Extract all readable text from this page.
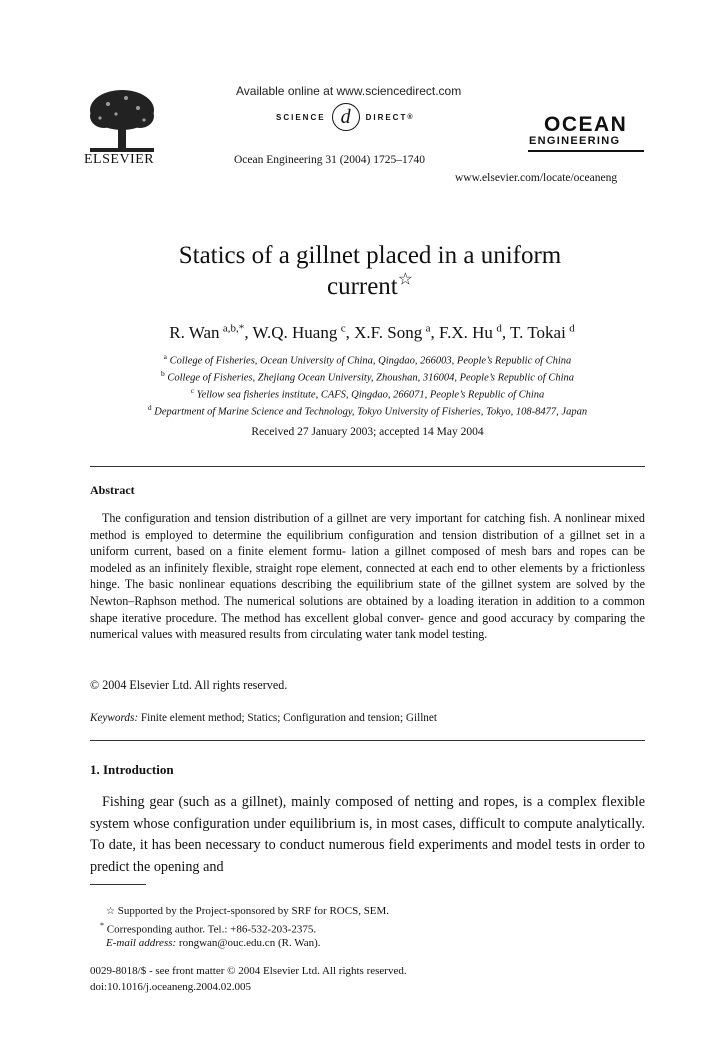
ELSEVIER
Available online at www.sciencedirect.com
SCIENCE d	DIRECT ®
Ocean Engineering 31 (2004) 1725–1740
OCEAN
ENGINEERING
www.elsevier.com/locate/oceaneng
Statics of a gillnet placed in a uniform
current☆
R. Wan  $^{a,b,*}$, W.Q. Huang  $^c$, X.F. Song  $^a$, F.X. Hu  $^d$, T. Tokai  $^d$
$^a$ College of Fisheries, Ocean University of China, Qingdao, 266003, People’s Republic of China
$^b$ College of Fisheries, Zhejiang Ocean University, Zhoushan, 316004, People’s Republic of China
$^c$ Yellow sea fisheries institute, CAFS, Qingdao, 266071, People’s Republic of China
$^d$ Department of Marine Science and Technology, Tokyo University of Fisheries, Tokyo, 108-8477, Japan
Received 27 January 2003; accepted 14 May 2004
Abstract

The configuration and tension distribution of a gillnet are very important for catching fish. A nonlinear mixed method is employed to determine the equilibrium configuration and tension distribution of a gillnet set in a uniform current, based on a finite element formu- lation a gillnet composed of mesh bars and ropes can be modeled as an infinitely flexible, straight rope element, connected at each end to other elements by a frictionless hinge. The basic nonlinear equations describing the equilibrium state of the gillnet system are solved by the Newton–Raphson method. The numerical solutions are obtained by a loading iteration in addition to a common shape iterative procedure. The method has excellent global conver- gence and good accuracy by comparing the numerical values with measured results from circulating water tank model testing.

© 2004 Elsevier Ltd. All rights reserved.
Keywords: Finite element method; Statics; Configuration and tension; Gillnet
1. Introduction

Fishing gear (such as a gillnet), mainly composed of netting and ropes, is a complex flexible system whose configuration under equilibrium is, in most cases, difficult to compute analytically. To date, it has been necessary to conduct numerous field experiments and model tests in order to predict the opening and

☆ Supported by the Project-sponsored by SRF for ROCS, SEM.
* Corresponding author. Tel.: +86-532-203-2375.
E-mail address: rongwan@ouc.edu.cn (R. Wan).
0029-8018/$ - see front matter © 2004 Elsevier Ltd. All rights reserved.
doi:10.1016/j.oceaneng.2004.02.005
